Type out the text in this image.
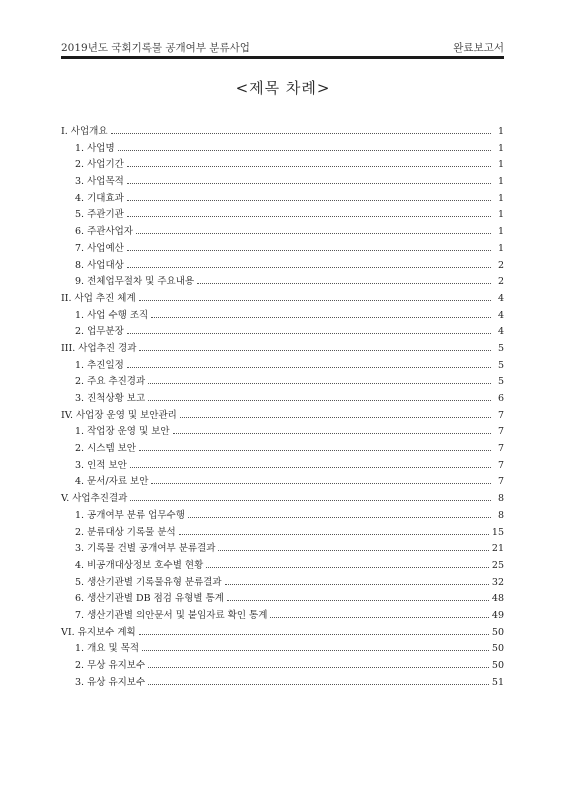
2019년도 국회기록물 공개여부 분류사업	완료보고서
<제목 차례>
I. 사업개요	1
1. 사업명	1
2. 사업기간	1
3. 사업목적	1
4. 기대효과	1
5. 주관기관	1
6. 주관사업자	1
7. 사업예산	1
8. 사업대상	2
9. 전체업무절차 및 주요내용	2
II. 사업 추진 체계	4
1. 사업 수행 조직	4
2. 업무분장	4
III. 사업추진 경과	5
1. 추진일정	5
2. 주요 추진경과	5
3. 진척상황 보고	6
IV. 사업장 운영 및 보안관리	7
1. 작업장 운영 및 보안	7
2. 시스템 보안	7
3. 인적 보안	7
4. 문서/자료 보안	7
V. 사업추진결과	8
1. 공개여부 분류 업무수행	8
2. 분류대상 기록물 분석	15
3. 기록물 건별 공개여부 분류결과	21
4. 비공개대상정보 호수별 현황	25
5. 생산기관별 기록물유형 분류결과	32
6. 생산기관별 DB 점검 유형별 통계	48
7. 생산기관별 의안문서 및 붙임자료 확인 통계	49
VI. 유지보수 계획	50
1. 개요 및 목적	50
2. 무상 유지보수	50
3. 유상 유지보수	51
